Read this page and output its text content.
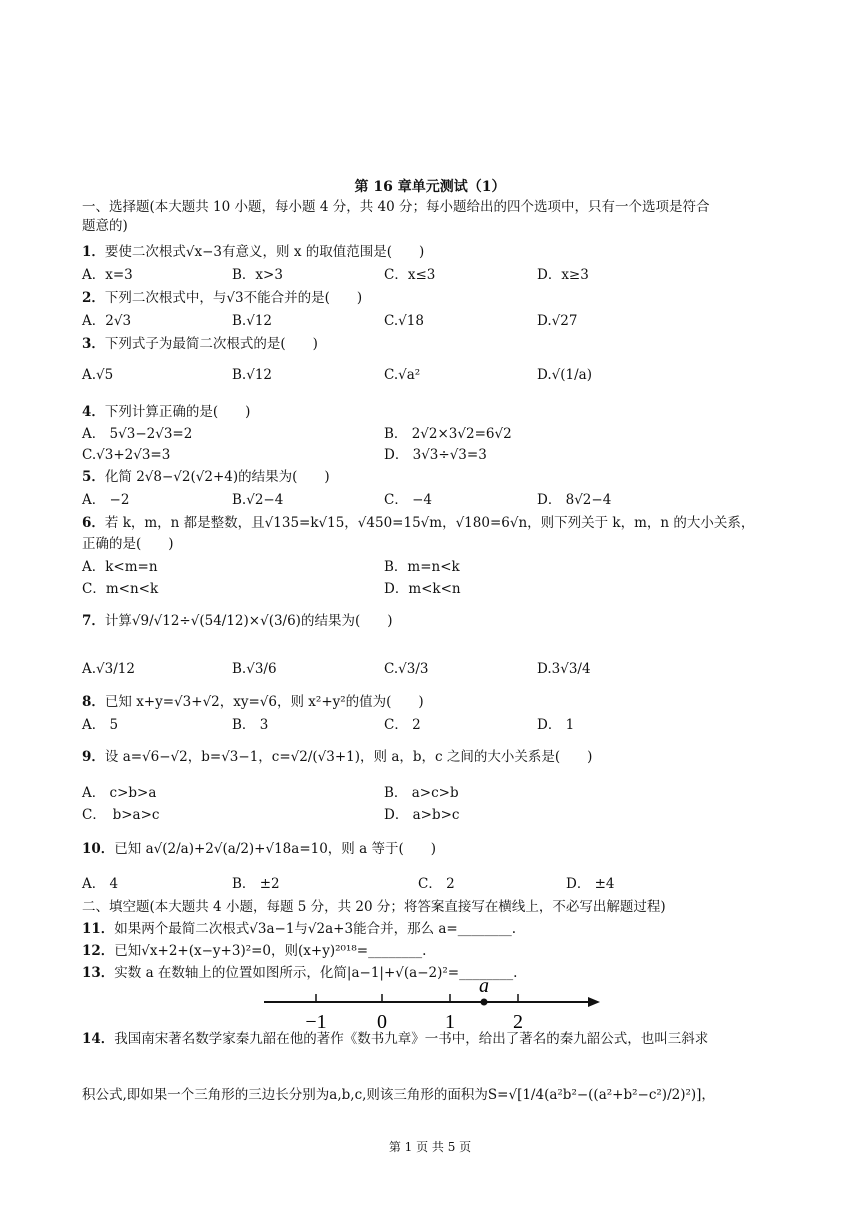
第 16 章单元测试（1）
一、选择题(本大题共 10 小题，每小题 4 分，共 40 分；每小题给出的四个选项中，只有一个选项是符合
题意的)
1．要使二次根式√x−3有意义，则 x 的取值范围是(　　)
A．x=3	B．x>3	C．x≤3	D．x≥3
2．下列二次根式中，与√3不能合并的是(　　)
A．2√3	B.√12	C.√18	D.√27
3．下列式子为最简二次根式的是(　　)
A.√5	B.√12	C.√a²	D.√(1/a)
4．下列计算正确的是(　　)
A． 5√3−2√3=2	B． 2√2×3√2=6√2
C.√3+2√3=3	D． 3√3÷√3=3
5．化简 2√8−√2(√2+4)的结果为(　　)
A． −2	B.√2−4	C． −4	D． 8√2−4
6．若 k，m，n 都是整数，且√135=k√15，√450=15√m，√180=6√n，则下列关于 k，m，n 的大小关系，
正确的是(　　)
A．k<m=n	B．m=n<k
C．m<n<k	D．m<k<n
7．计算√9/√12÷√(54/12)×√(3/6)的结果为(　　)
A.√3/12	B.√3/6	C.√3/3	D.3√3/4
8．已知 x+y=√3+√2，xy=√6，则 x²+y²的值为(　　)
A． 5	B． 3	C． 2	D． 1
9．设 a=√6−√2，b=√3−1，c=√2/(√3+1)，则 a，b，c 之间的大小关系是(　　)
A． c>b>a	B． a>c>b
C．　b>a>c	D． a>b>c
10．已知 a√(2/a)+2√(a/2)+√18a=10，则 a 等于(　　)
A． 4	B． ±2	C． 2	D． ±4
二、填空题(本大题共 4 小题，每题 5 分，共 20 分；将答案直接写在横线上，不必写出解题过程)
11．如果两个最简二次根式√3a−1与√2a+3能合并，那么 a=________.
12．已知√x+2+(x−y+3)²=0，则(x+y)²⁰¹⁸=________.
13．实数 a 在数轴上的位置如图所示，化简|a−1|+√(a−2)²=________.
a
−1	0	1	2
14．我国南宋著名数学家秦九韶在他的著作《数书九章》一书中，给出了著名的秦九韶公式，也叫三斜求
积公式,即如果一个三角形的三边长分别为a,b,c,则该三角形的面积为S=√[1/4(a²b²−((a²+b²−c²)/2)²)]，
第 1 页 共 5 页
